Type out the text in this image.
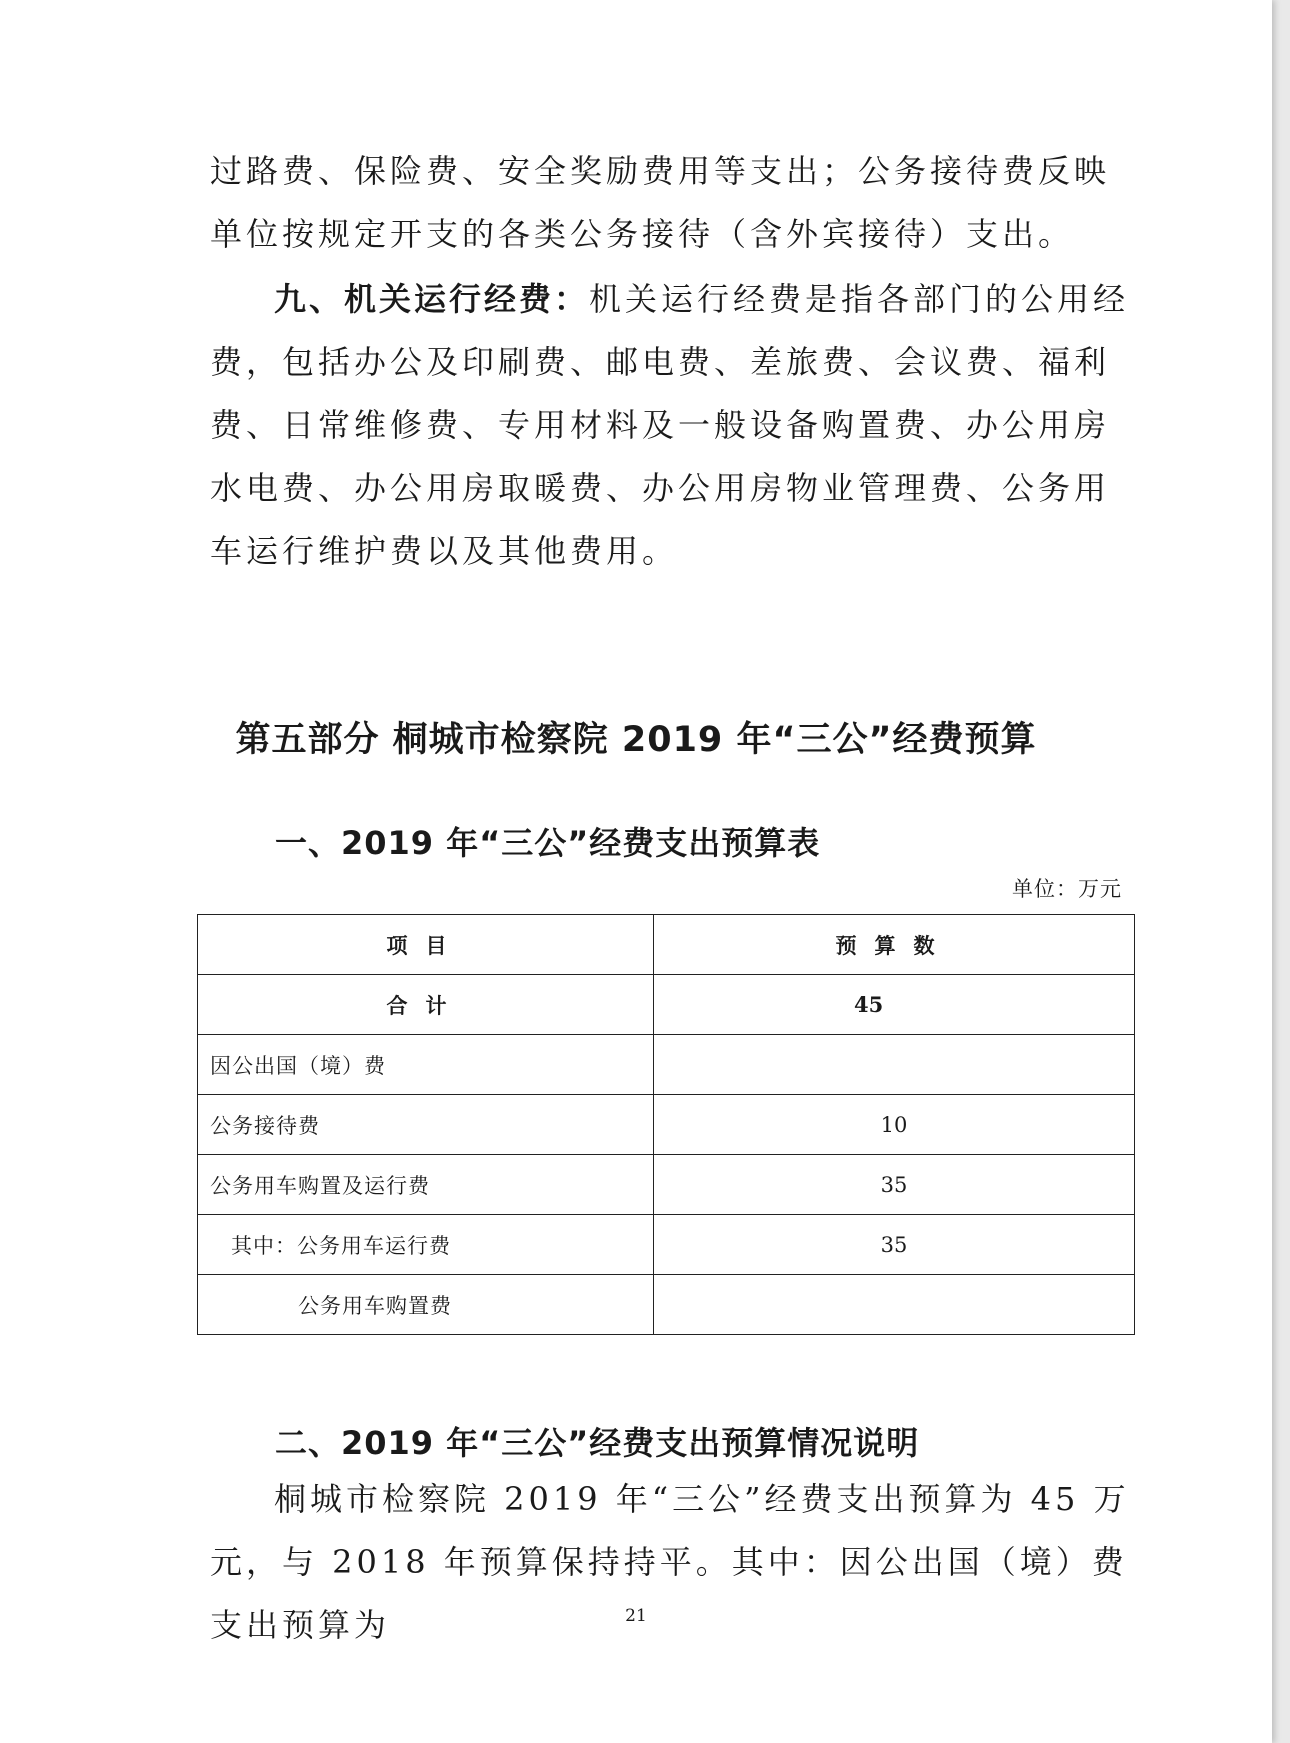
过路费、保险费、安全奖励费用等支出；公务接待费反映单位按规定开支的各类公务接待（含外宾接待）支出。

九、机关运行经费：机关运行经费是指各部门的公用经费，包括办公及印刷费、邮电费、差旅费、会议费、福利费、日常维修费、专用材料及一般设备购置费、办公用房水电费、办公用房取暖费、办公用房物业管理费、公务用车运行维护费以及其他费用。

第五部分 桐城市检察院 2019 年“三公”经费预算
一、2019 年“三公”经费支出预算表
单位：万元
项目	预算数
合计	45
因公出国（境）费	
公务接待费	10
公务用车购置及运行费	35
其中：公务用车运行费	35
公务用车购置费	
二、2019 年“三公”经费支出预算情况说明

桐城市检察院 2019 年“三公”经费支出预算为 45 万元，与 2018 年预算保持持平。其中：因公出国（境）费支出预算为	21
